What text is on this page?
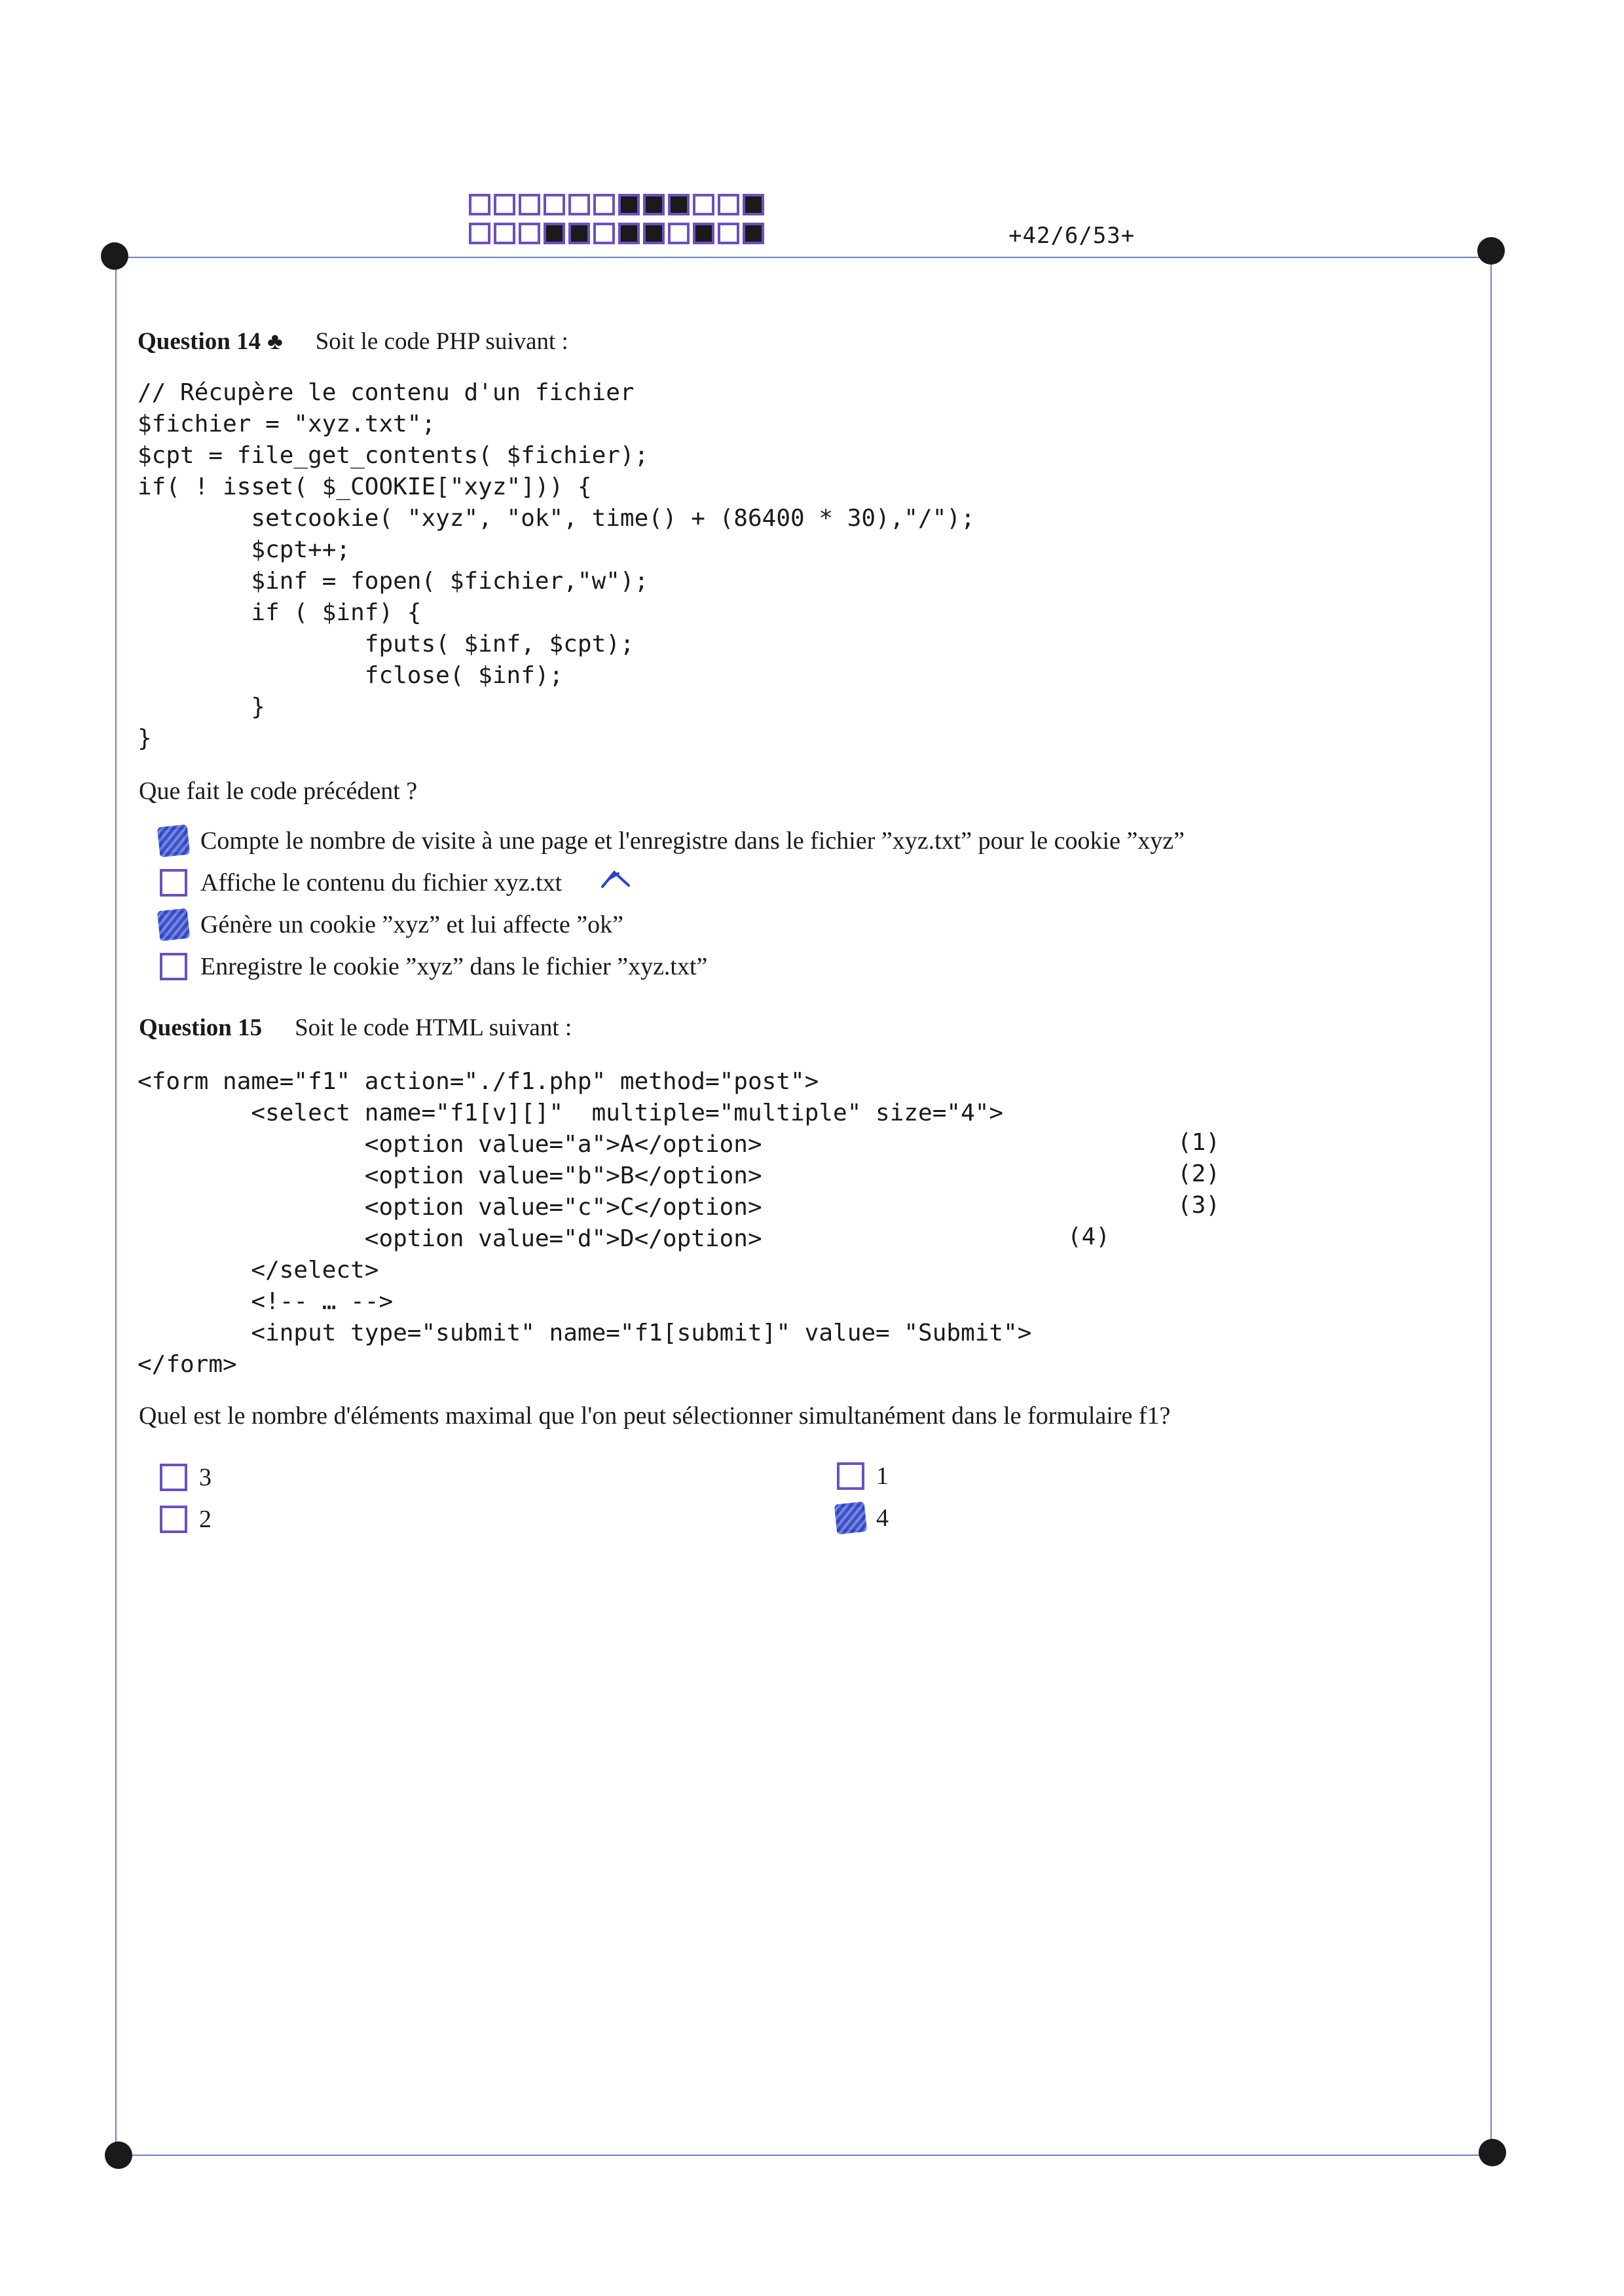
+42/6/53+
Question 14 ♣ Soit le code PHP suivant :
// Récupère le contenu d'un fichier
$fichier = "xyz.txt";
$cpt = file_get_contents( $fichier);
if( ! isset( $_COOKIE["xyz"])) {
setcookie( "xyz", "ok", time() + (86400 * 30),"/");
$cpt++;
$inf = fopen( $fichier,"w");
if ( $inf) {
fputs( $inf, $cpt);
fclose( $inf);
}
}
Que fait le code précédent ?
Compte le nombre de visite à une page et l'enregistre dans le fichier ”xyz.txt” pour le cookie ”xyz”
Affiche le contenu du fichier xyz.txt
Génère un cookie ”xyz” et lui affecte ”ok”
Enregistre le cookie ”xyz” dans le fichier ”xyz.txt”
Question 15 Soit le code HTML suivant :
<form name="f1" action="./f1.php" method="post">
<select name="f1[v][]"  multiple="multiple" size="4">
<option value="a">A</option>
<option value="b">B</option>
<option value="c">C</option>
<option value="d">D</option>
</select>
<!-- … -->
<input type="submit" name="f1[submit]" value= "Submit">
</form>
(1)
(2)
(3)
(4)
Quel est le nombre d'éléments maximal que l'on peut sélectionner simultanément dans le formulaire f1?
3	1
2	4
